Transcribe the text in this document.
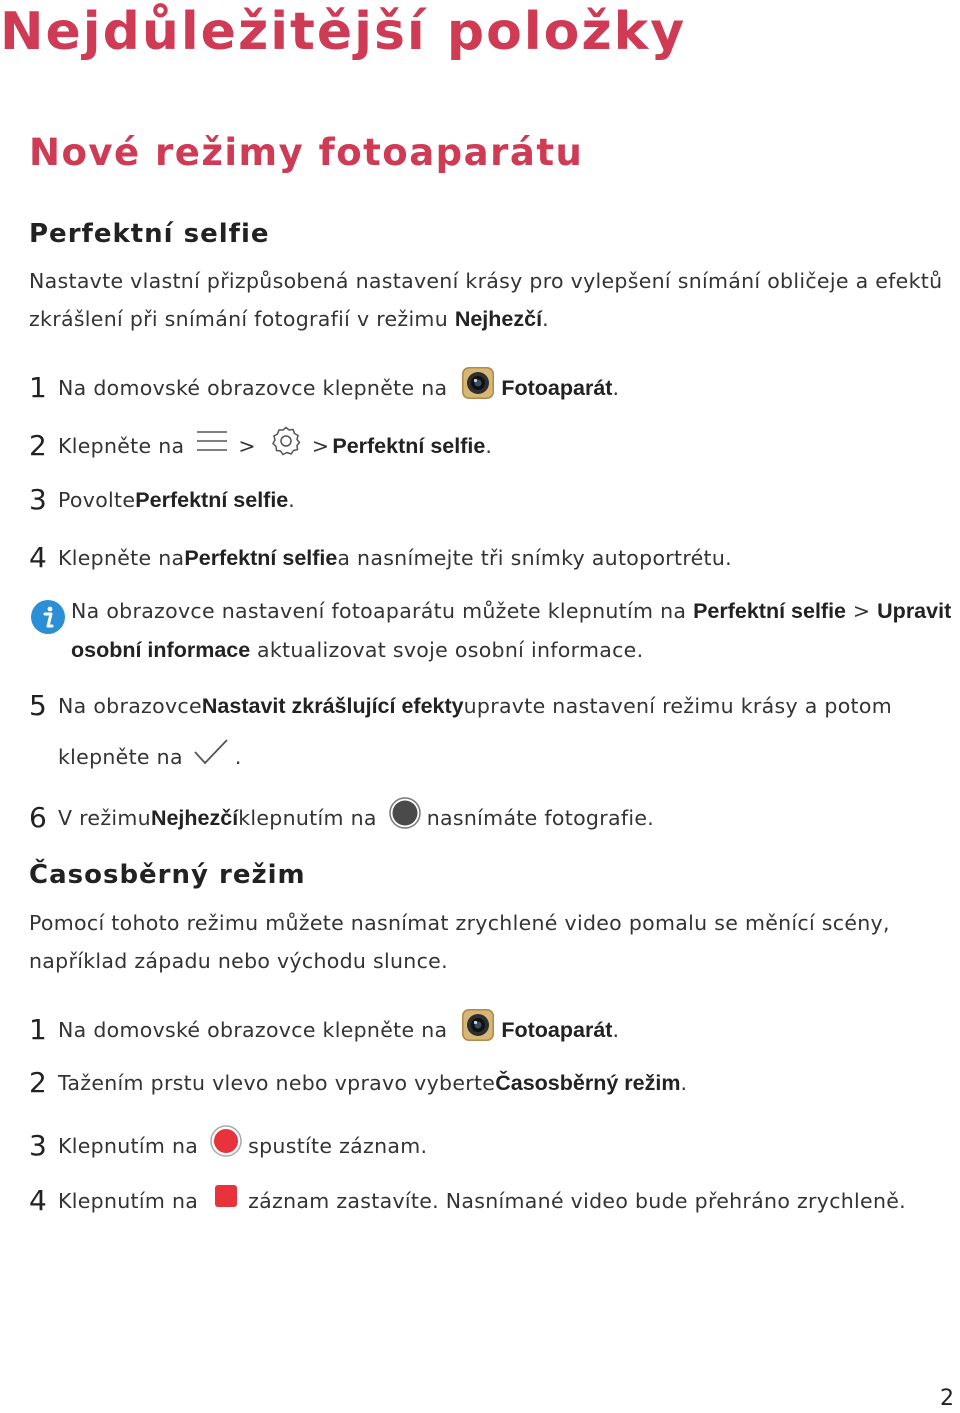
Nejdůležitější položky
Nové režimy fotoaparátu
Perfektní selfie
Nastavte vlastní přizpůsobená nastavení krásy pro vylepšení snímání obličeje a efektů
zkrášlení při snímání fotografií v režimu Nejhezčí.
1 Na domovské obrazovce klepněte na	Fotoaparát .
2 Klepněte na	>	> Perfektní selfie .
3 Povolte Perfektní selfie .
4 Klepněte na Perfektní selfie a nasnímejte tři snímky autoportrétu.
Na obrazovce nastavení fotoaparátu můžete klepnutím na Perfektní selfie > Upravit
osobní informace aktualizovat svoje osobní informace.
5 Na obrazovce Nastavit zkrášlující efekty upravte nastavení režimu krásy a potom
klepněte na	.
6 V režimu Nejhezčí klepnutím na nasnímáte fotografie.
Časosběrný režim
Pomocí tohoto režimu můžete nasnímat zrychlené video pomalu se měnící scény,
například západu nebo východu slunce.
1 Na domovské obrazovce klepněte na	Fotoaparát .
2 Tažením prstu vlevo nebo vpravo vyberte Časosběrný režim .
3 Klepnutím na spustíte záznam.
4 Klepnutím na záznam zastavíte. Nasnímané video bude přehráno zrychleně.
2
